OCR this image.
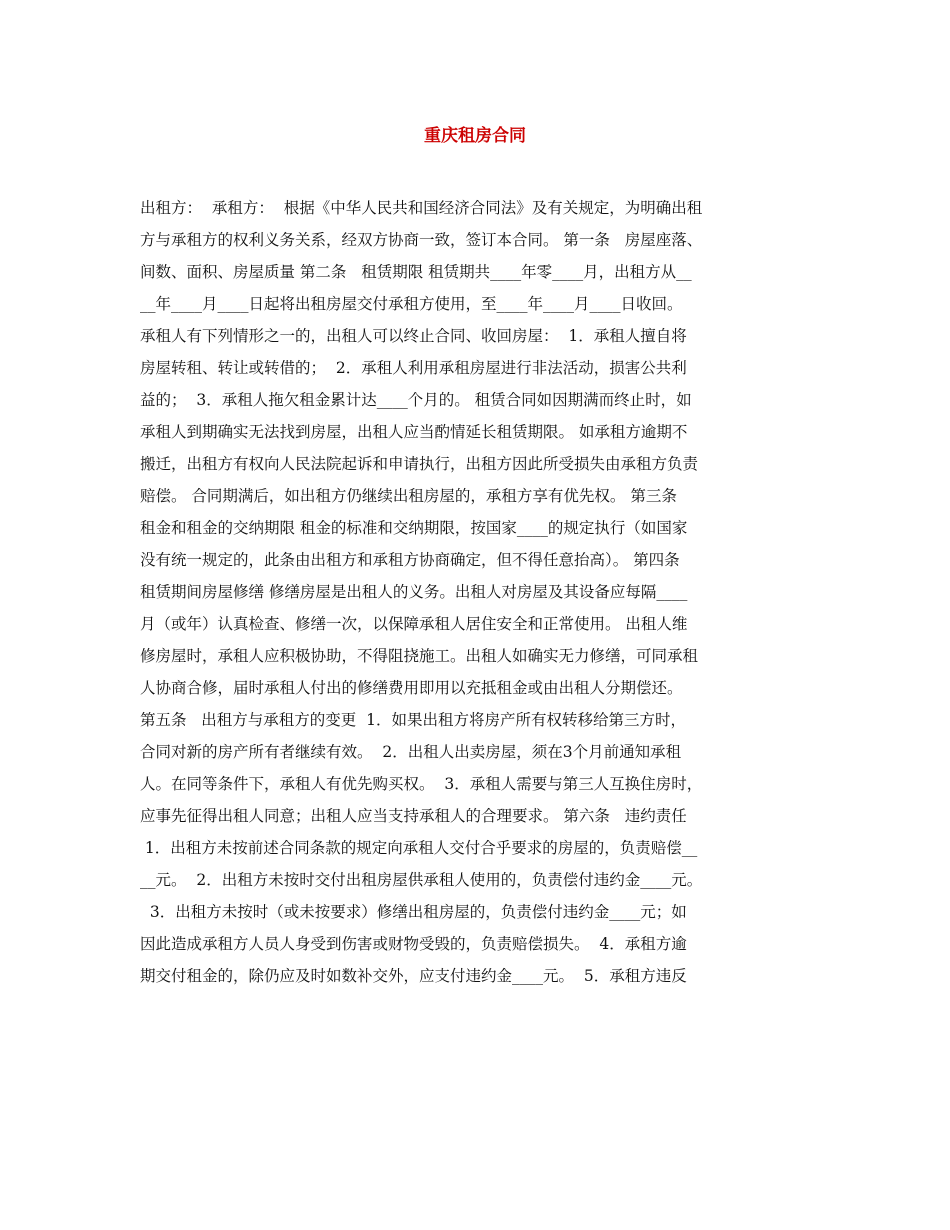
重庆租房合同
出租方：  承租方：  根据《中华人民共和国经济合同法》及有关规定，为明确出租
方与承租方的权利义务关系，经双方协商一致，签订本合同。 第一条   房屋座落、
间数、面积、房屋质量 第二条   租赁期限 租赁期共____年零____月，出租方从__
__年____月____日起将出租房屋交付承租方使用，至____年____月____日收回。
承租人有下列情形之一的，出租人可以终止合同、收回房屋：  1．承租人擅自将
房屋转租、转让或转借的；  2．承租人利用承租房屋进行非法活动，损害公共利
益的；  3．承租人拖欠租金累计达____个月的。 租赁合同如因期满而终止时，如
承租人到期确实无法找到房屋，出租人应当酌情延长租赁期限。 如承租方逾期不
搬迁，出租方有权向人民法院起诉和申请执行，出租方因此所受损失由承租方负责
赔偿。 合同期满后，如出租方仍继续出租房屋的，承租方享有优先权。 第三条
租金和租金的交纳期限 租金的标准和交纳期限，按国家____的规定执行（如国家
没有统一规定的，此条由出租方和承租方协商确定，但不得任意抬高）。 第四条
租赁期间房屋修缮 修缮房屋是出租人的义务。出租人对房屋及其设备应每隔____
月（或年）认真检查、修缮一次，以保障承租人居住安全和正常使用。 出租人维
修房屋时，承租人应积极协助，不得阻挠施工。出租人如确实无力修缮，可同承租
人协商合修，届时承租人付出的修缮费用即用以充抵租金或由出租人分期偿还。
第五条   出租方与承租方的变更  1．如果出租方将房产所有权转移给第三方时，
合同对新的房产所有者继续有效。  2．出租人出卖房屋，须在3个月前通知承租
人。在同等条件下，承租人有优先购买权。  3．承租人需要与第三人互换住房时，
应事先征得出租人同意；出租人应当支持承租人的合理要求。 第六条   违约责任
1．出租方未按前述合同条款的规定向承租人交付合乎要求的房屋的，负责赔偿__
__元。  2．出租方未按时交付出租房屋供承租人使用的，负责偿付违约金____元。
3．出租方未按时（或未按要求）修缮出租房屋的，负责偿付违约金____元；如
因此造成承租方人员人身受到伤害或财物受毁的，负责赔偿损失。  4．承租方逾
期交付租金的，除仍应及时如数补交外，应支付违约金____元。  5．承租方违反
